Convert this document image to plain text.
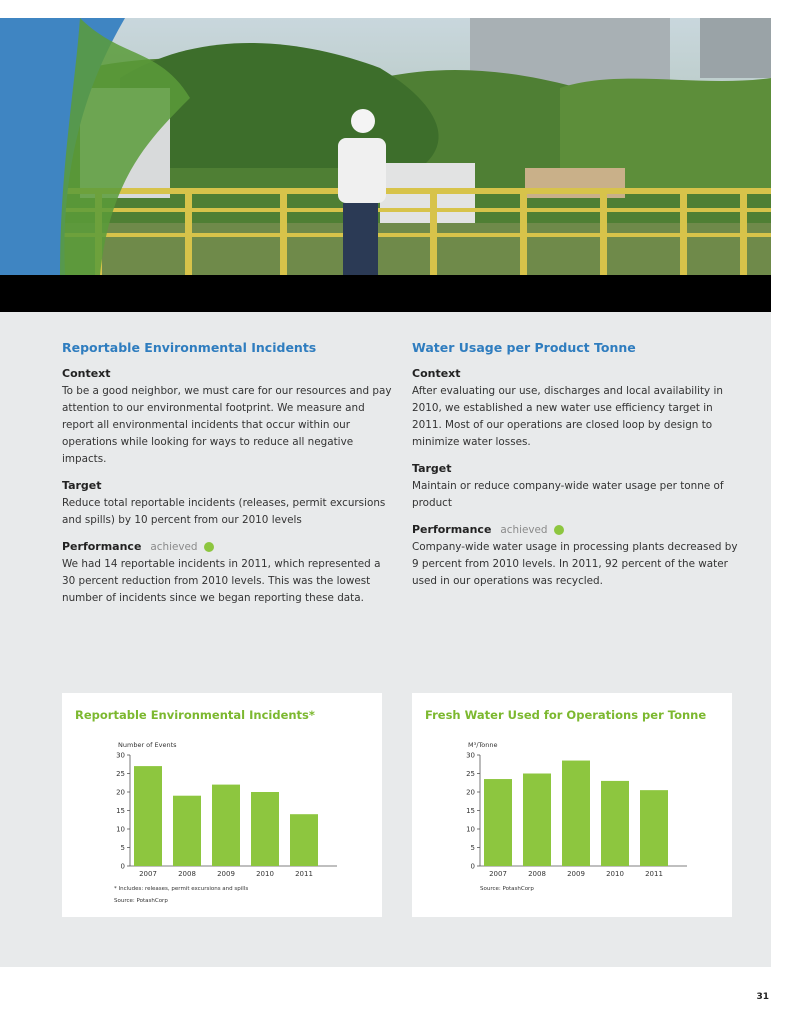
Reportable Environmental Incidents
Context

To be a good neighbor, we must care for our resources and pay attention to our environmental footprint. We measure and report all environmental incidents that occur within our operations while looking for ways to reduce all negative impacts.

Target

Reduce total reportable incidents (releases, permit excursions and spills) by 10 percent from our 2010 levels

Performance achieved

We had 14 reportable incidents in 2011, which represented a 30 percent reduction from 2010 levels. This was the lowest number of incidents since we began reporting these data.

Water Usage per Product Tonne
Context

After evaluating our use, discharges and local availability in 2010, we established a new water use efficiency target in 2011. Most of our operations are closed loop by design to minimize water losses.

Target

Maintain or reduce company-wide water usage per tonne of product

Performance achieved

Company-wide water usage in processing plants decreased by 9 percent from 2010 levels. In 2011, 92 percent of the water used in our operations was recycled.

Reportable Environmental Incidents*
Number of Events
0
5
10
15
20
25
30
2007	2008	2009	2010	2011
* Includes: releases, permit excursions and spills
Source: PotashCorp
Fresh Water Used for Operations per Tonne
M³/Tonne
0
5
10
15
20
25
30
2007	2008	2009	2010	2011
Source: PotashCorp
31
